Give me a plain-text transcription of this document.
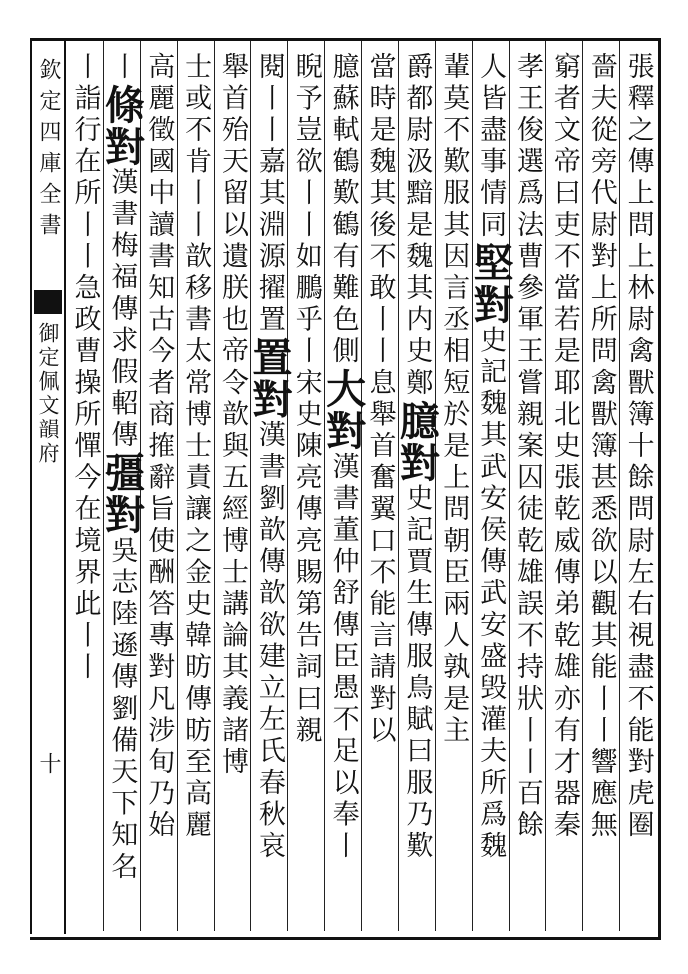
欽定四庫全書
御定佩文韻府
十	張釋之傳上問上林尉禽獸簿十餘問尉左右視盡不能對虎圈
嗇夫從旁代尉對上所問禽獸簿甚悉欲以觀其能丨丨響應無
窮者文帝曰吏不當若是耶北史張乾威傳弟乾雄亦有才器秦
孝王俊選爲法曹參軍王嘗親案囚徒乾雄誤不持狀丨丨百餘
人皆盡事情同堅對史記魏其武安侯傳武安盛毁灌夫所爲魏
輩莫不歎服其因言丞相短於是上問朝臣兩人孰是主
爵都尉汲黯是魏其内史鄭臆對史記賈生傳服鳥賦曰服乃歎
當時是魏其後不敢丨丨息舉首奮翼口不能言請對以
臆蘇軾鶴歎鶴有難色側大對漢書董仲舒傳臣愚不足以奉丨
睨予豈欲丨丨如鵬乎丨宋史陳亮傳亮賜第告詞曰親
閱丨丨嘉其淵源擢置置對漢書劉歆傳歆欲建立左氏春秋哀
舉首殆天留以遺朕也帝令歆與五經博士講論其義諸博
士或不肯丨丨歆移書太常博士責讓之金史韓昉傳昉至高麗
高麗徵國中讀書知古今者商搉辭旨使酬答專對凡涉旬乃始
丨條對漢書梅福傳求假軺傳彊對吳志陸遜傳劉備天下知名
丨詣行在所丨丨急政曹操所憚今在境界此丨丨
